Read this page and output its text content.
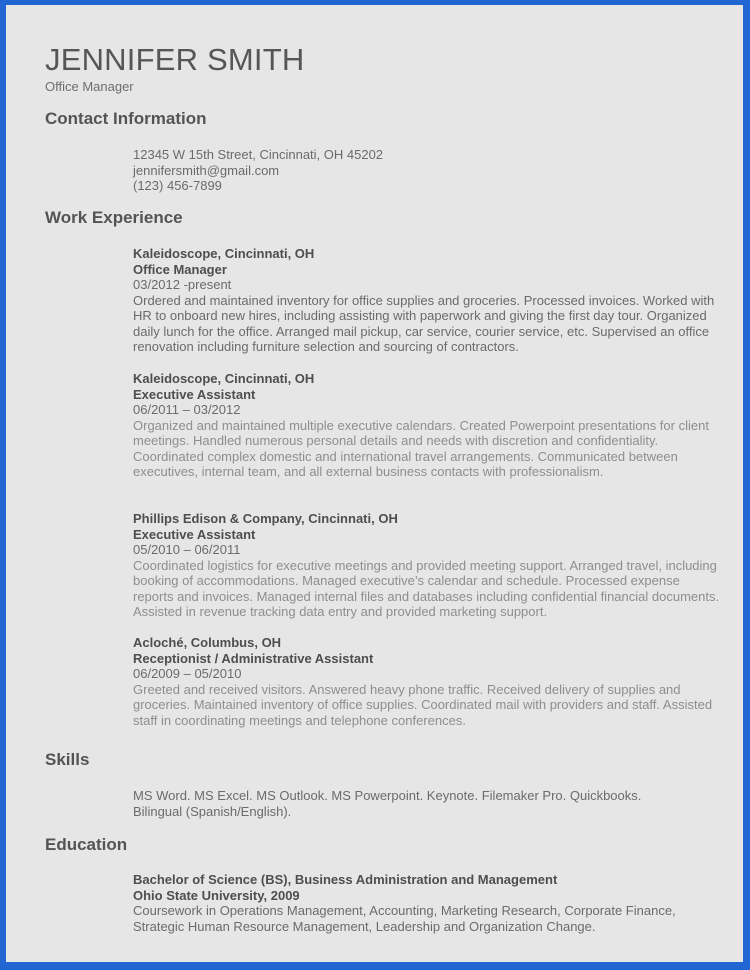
JENNIFER SMITH
Office Manager
Contact Information
12345 W 15th Street, Cincinnati, OH 45202
jennifersmith@gmail.com
(123) 456-7899
Work Experience
Kaleidoscope, Cincinnati, OH
Office Manager
03/2012 -present
Ordered and maintained inventory for office supplies and groceries. Processed invoices. Worked with HR to onboard new hires, including assisting with paperwork and giving the first day tour. Organized daily lunch for the office. Arranged mail pickup, car service, courier service, etc. Supervised an office renovation including furniture selection and sourcing of contractors.
Kaleidoscope, Cincinnati, OH
Executive Assistant
06/2011 – 03/2012
Organized and maintained multiple executive calendars. Created Powerpoint presentations for client meetings. Handled numerous personal details and needs with discretion and confidentiality. Coordinated complex domestic and international travel arrangements. Communicated between executives, internal team, and all external business contacts with professionalism.
Phillips Edison & Company, Cincinnati, OH
Executive Assistant
05/2010 – 06/2011
Coordinated logistics for executive meetings and provided meeting support. Arranged travel, including booking of accommodations. Managed executive’s calendar and schedule. Processed expense reports and invoices. Managed internal files and databases including confidential financial documents. Assisted in revenue tracking data entry and provided marketing support.
Acloché, Columbus, OH
Receptionist / Administrative Assistant
06/2009 – 05/2010
Greeted and received visitors. Answered heavy phone traffic. Received delivery of supplies and groceries. Maintained inventory of office supplies. Coordinated mail with providers and staff. Assisted staff in coordinating meetings and telephone conferences.
Skills
MS Word. MS Excel. MS Outlook. MS Powerpoint. Keynote. Filemaker Pro. Quickbooks. Bilingual (Spanish/English).
Education
Bachelor of Science (BS), Business Administration and Management
Ohio State University, 2009
Coursework in Operations Management, Accounting, Marketing Research, Corporate Finance, Strategic Human Resource Management, Leadership and Organization Change.
